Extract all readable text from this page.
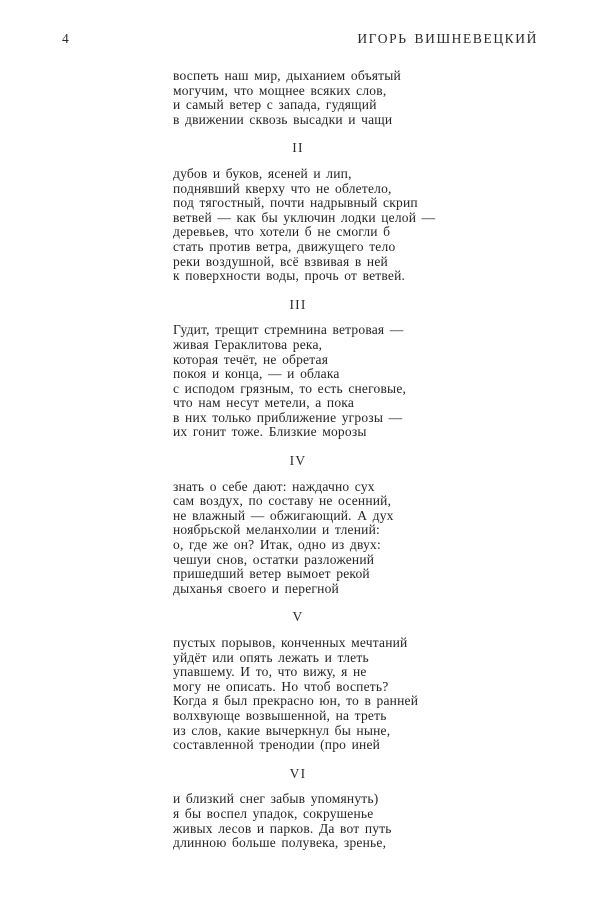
4	ИГОРЬ ВИШНЕВЕЦКИЙ
воспеть наш мир, дыханием объятый
могучим, что мощнее всяких слов,
и самый ветер с запада, гудящий
в движении сквозь высадки и чащи
II
дубов и буков, ясеней и лип,
поднявший кверху что не облетело,
под тягостный, почти надрывный скрип
ветвей — как бы уключин лодки целой —
деревьев, что хотели б не смогли б
стать против ветра, движущего тело
реки воздушной, всё взвивая в ней
к поверхности воды, прочь от ветвей.
III
Гудит, трещит стремнина ветровая —
живая Гераклитова река,
которая течёт, не обретая
покоя и конца, — и облака
с исподом грязным, то есть снеговые,
что нам несут метели, а пока
в них только приближение угрозы —
их гонит тоже. Близкие морозы
IV
знать о себе дают: наждачно сух
сам воздух, по составу не осенний,
не влажный — обжигающий. А дух
ноябрьской меланхолии и тлений:
о, где же он? Итак, одно из двух:
чешуи снов, остатки разложений
пришедший ветер вымоет рекой
дыханья своего и перегной
V
пустых порывов, конченных мечтаний
уйдёт или опять лежать и тлеть
упавшему. И то, что вижу, я не
могу не описать. Но чтоб воспеть?
Когда я был прекрасно юн, то в ранней
волхвующе возвышенной, на треть
из слов, какие вычеркнул бы ныне,
составленной тренодии (про иней
VI
и близкий снег забыв упомянуть)
я бы воспел упадок, сокрушенье
живых лесов и парков. Да вот путь
длинною больше полувека, зренье,
